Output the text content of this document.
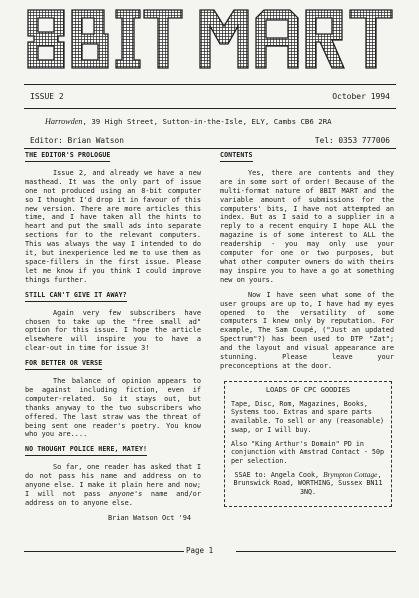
8BIT MART
ISSUE 2	October 1994
Harrowden, 39 High Street, Sutton-in-the-Isle, ELY, Cambs CB6 2RA
Editor: Brian Watson	Tel: 0353 777006
THE EDITOR'S PROLOGUE

Issue 2, and already we have a new masthead. It was the only part of issue one not produced using an 8-bit computer so I thought I'd drop it in favour of this new version. There are more articles this time, and I have taken all the hints to heart and put the small ads into separate sections for to the relevant computers. This was always the way I intended to do it, but inexperience led me to use them as space-fillers in the first issue. Please let me know if you think I could improve things further.

STILL CAN'T GIVE IT AWAY?

Again very few subscribers have chosen to take up the "free small ad" option for this issue. I hope the article elsewhere will inspire you to have a clear-out in time for issue 3!

FOR BETTER OR VERSE

The balance of opinion appears to be against including fiction, even if computer-related. So it stays out, but thanks anyway to the two subscribers who offered. The last straw was the threat of being sent one reader's poetry. You know who you are....

NO THOUGHT POLICE HERE, MATEY!

So far, one reader has asked that I do not pass his name and address on to anyone else. I make it plain here and now; I will not pass anyone's name and/or address on to anyone else.

Brian Watson Oct '94
CONTENTS

Yes, there are contents and they are in some sort of order! Because of the multi-format nature of 8BIT MART and the variable amount of submissions for the computers' bits, I have not attempted an index. But as I said to a supplier in a reply to a recent enquiry I hope ALL the magazine is of some interest to ALL the readership - you may only use your computer for one or two purposes, but what other computer owners do with theirs may inspire you to have a go at something new on yours.

Now I have seen what some of the user groups are up to, I have had my eyes opened to the versatility of some computers I knew only by reputation. For example, The Sam Coupé, ("Just an updated Spectrum"?) has been used to DTP "Zat"; and the layout and visual appearance are stunning. Please leave your preconceptions at the door.

LOADS OF CPC GOODIES

Tape, Disc, Rom, Magazines, Books, Systems too. Extras and spare parts available. To sell or any (reasonable) swap, or I will buy.

Also "King Arthur's Domain" PD in conjunction with Amstrad Contact - 50p per selection.

SSAE to: Angela Cook, Brympton Cottage, Brunswick Road, WORTHING, Sussex BN11 3NQ.

Page 1
